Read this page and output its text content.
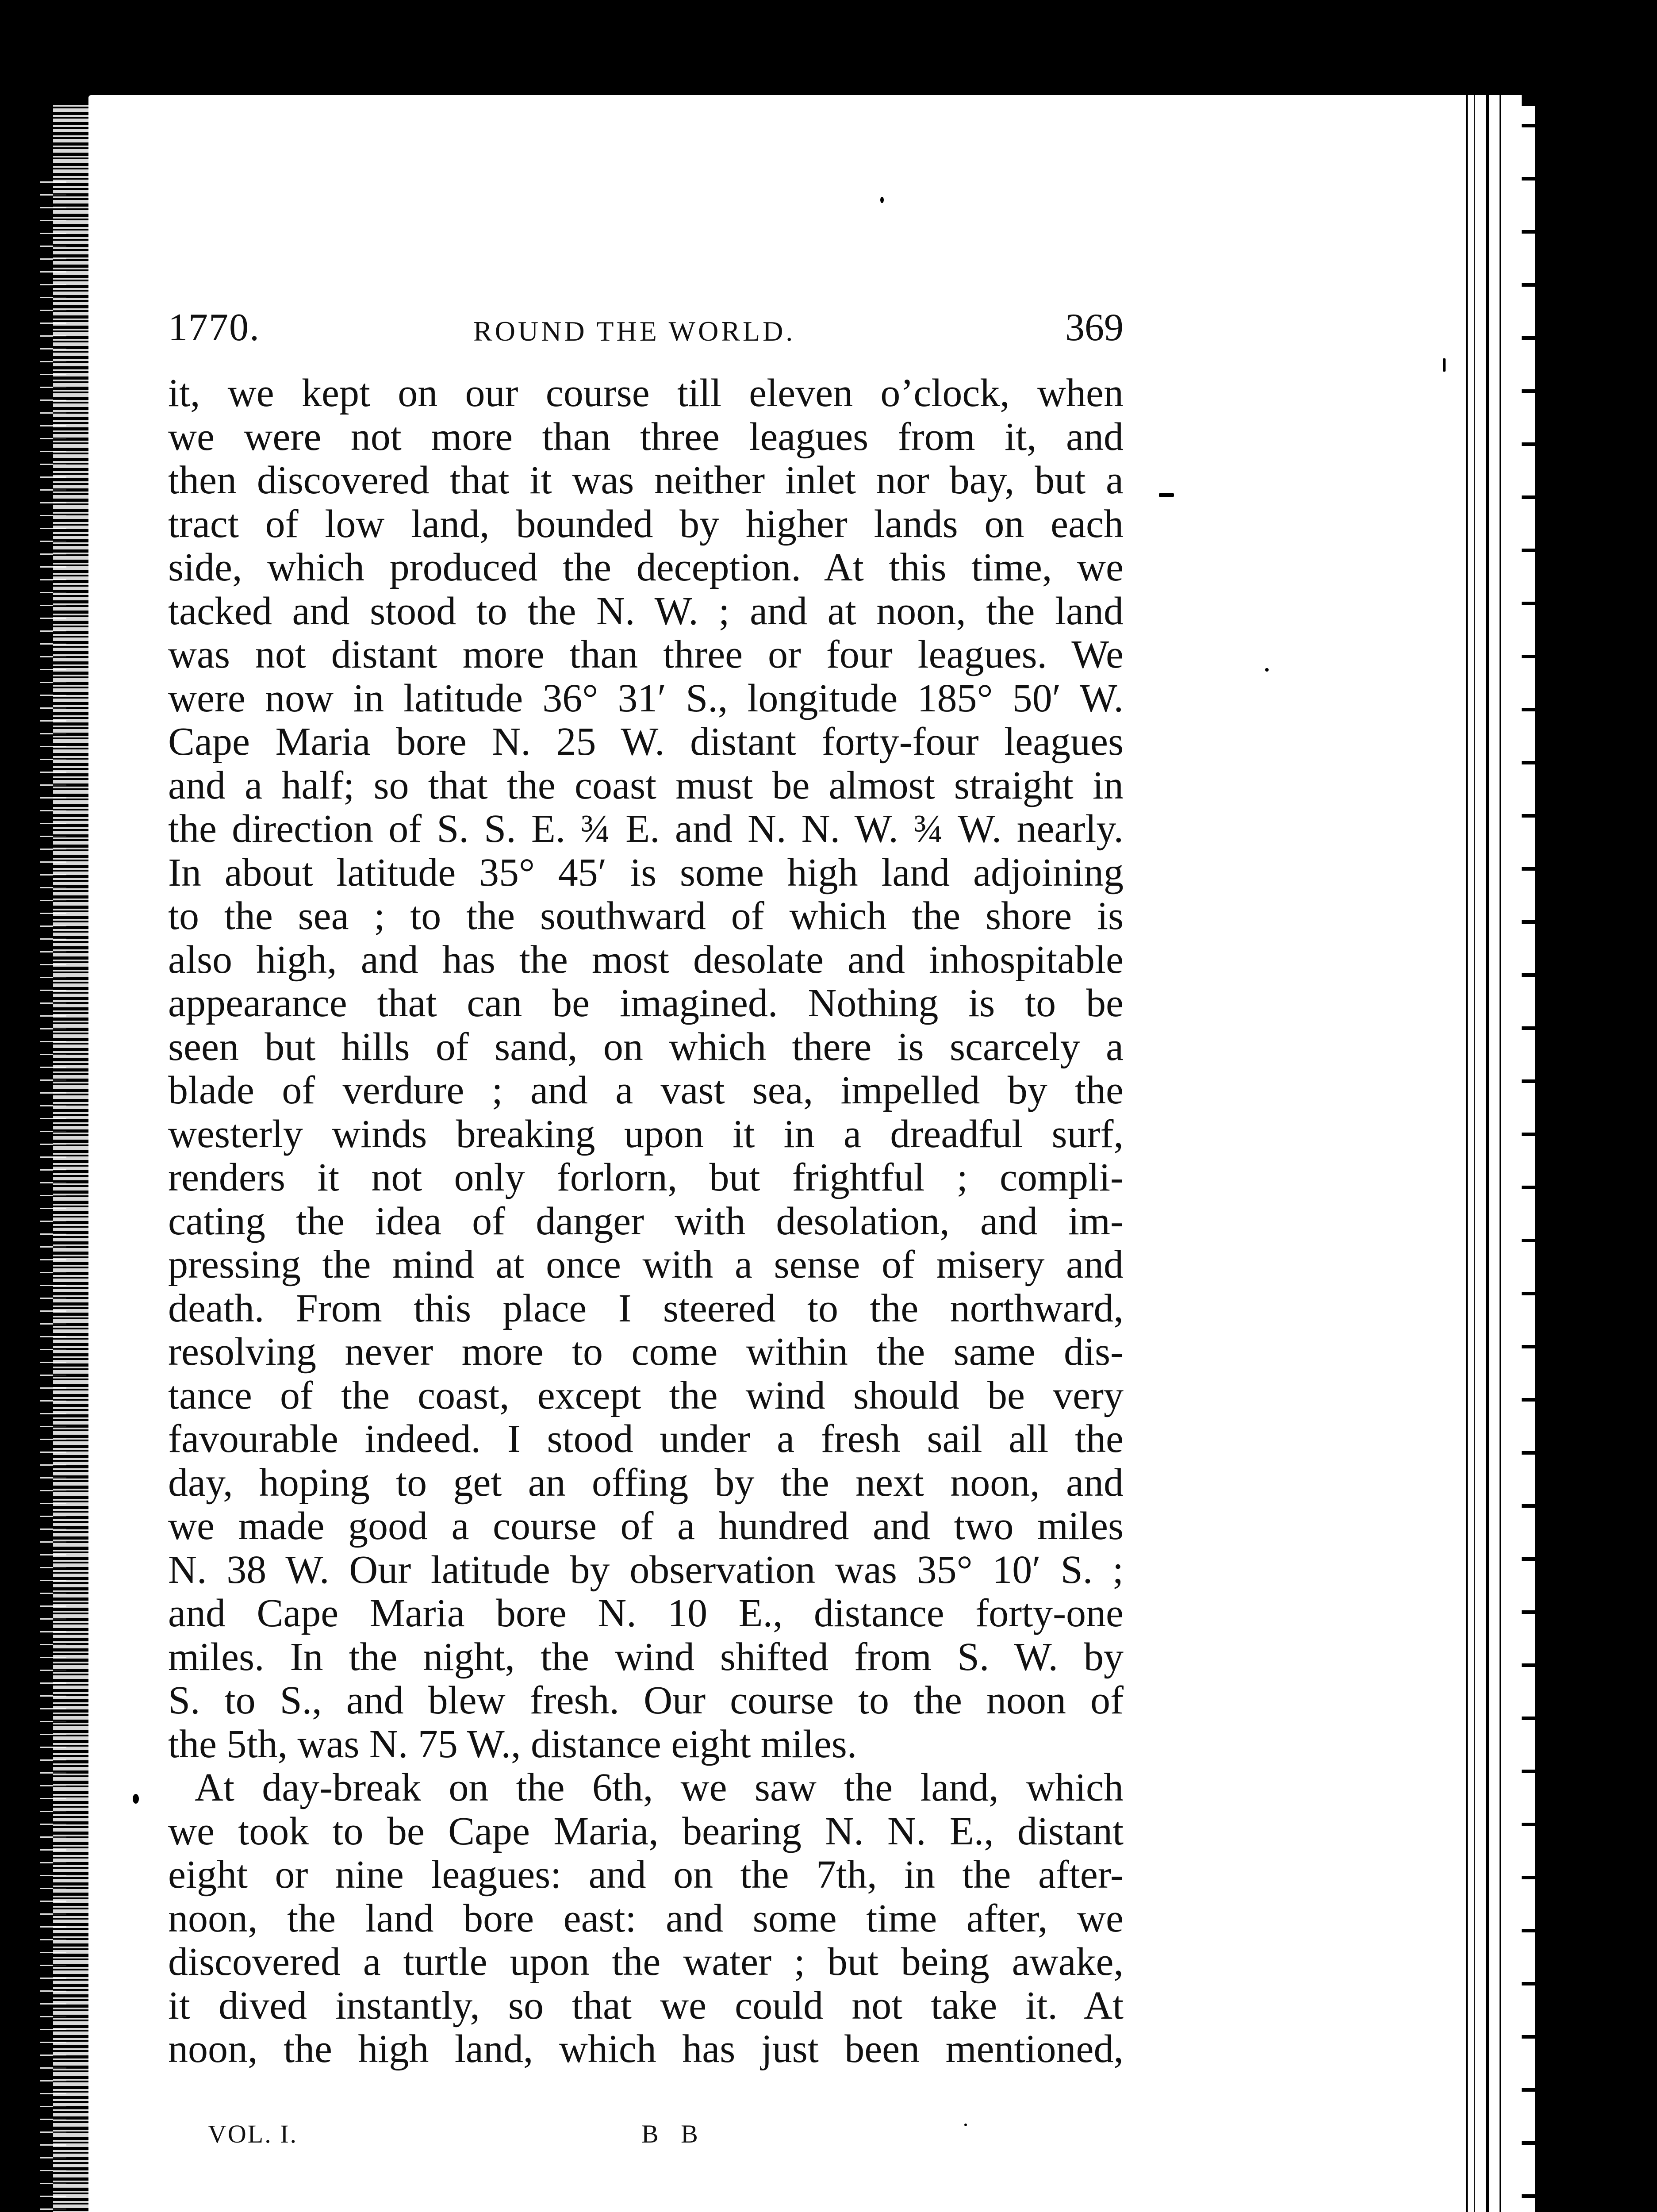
1770.	ROUND THE WORLD.	369
it, we kept on our course till eleven o’clock, when
we were not more than three leagues from it, and
then discovered that it was neither inlet nor bay, but a
tract of low land, bounded by higher lands on each
side, which produced the deception. At this time, we
tacked and stood to the N. W. ; and at noon, the land
was not distant more than three or four leagues. We
were now in latitude 36° 31′ S., longitude 185° 50′ W.
Cape Maria bore N. 25 W. distant forty-four leagues
and a half; so that the coast must be almost straight in
the direction of S. S. E. ¾ E. and N. N. W. ¾ W. nearly.
In about latitude 35° 45′ is some high land adjoining
to the sea ; to the southward of which the shore is
also high, and has the most desolate and inhospitable
appearance that can be imagined. Nothing is to be
seen but hills of sand, on which there is scarcely a
blade of verdure ; and a vast sea, impelled by the
westerly winds breaking upon it in a dreadful surf,
renders it not only forlorn, but frightful ; compli-
cating the idea of danger with desolation, and im-
pressing the mind at once with a sense of misery and
death. From this place I steered to the northward,
resolving never more to come within the same dis-
tance of the coast, except the wind should be very
favourable indeed. I stood under a fresh sail all the
day, hoping to get an offing by the next noon, and
we made good a course of a hundred and two miles
N. 38 W. Our latitude by observation was 35° 10′ S. ;
and Cape Maria bore N. 10 E., distance forty-one
miles. In the night, the wind shifted from S. W. by
S. to S., and blew fresh. Our course to the noon of
the 5th, was N. 75 W., distance eight miles.
At day-break on the 6th, we saw the land, which
we took to be Cape Maria, bearing N. N. E., distant
eight or nine leagues: and on the 7th, in the after-
noon, the land bore east: and some time after, we
discovered a turtle upon the water ; but being awake,
it dived instantly, so that we could not take it. At
noon, the high land, which has just been mentioned,
VOL. I.	B B
